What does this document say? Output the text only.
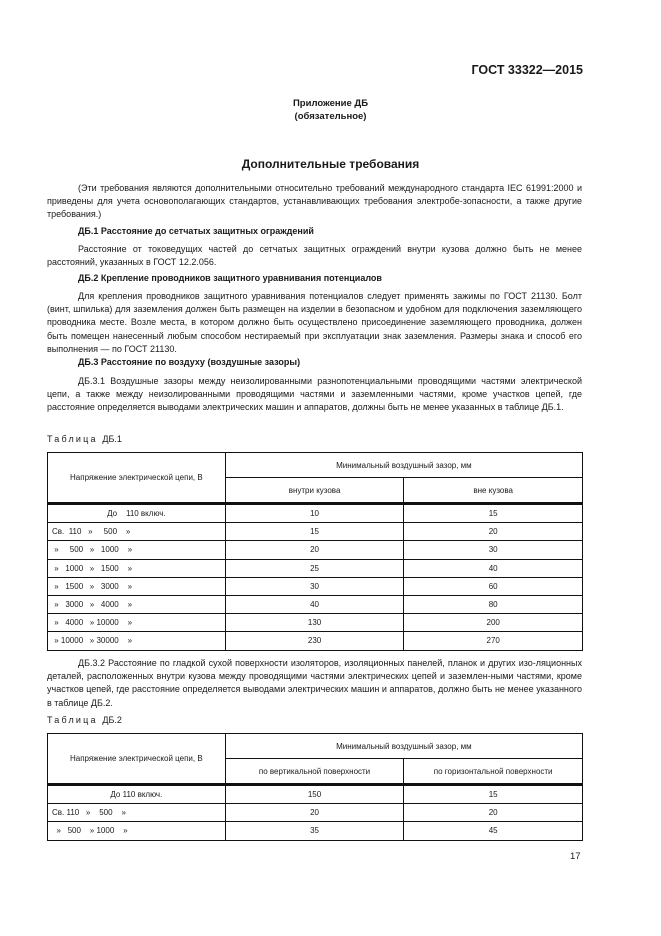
ГОСТ 33322—2015
Приложение ДБ
(обязательное)
Дополнительные требования
(Эти требования являются дополнительными относительно требований международного стандарта IEC 61991:2000 и приведены для учета основополагающих стандартов, устанавливающих требования электробе-зопасности, а также другие требования.)
ДБ.1 Расстояние до сетчатых защитных ограждений
Расстояние от токоведущих частей до сетчатых защитных ограждений внутри кузова должно быть не менее расстояний, указанных в ГОСТ 12.2.056.
ДБ.2 Крепление проводников защитного уравнивания потенциалов
Для крепления проводников защитного уравнивания потенциалов следует применять зажимы по ГОСТ 21130. Болт (винт, шпилька) для заземления должен быть размещен на изделии в безопасном и удобном для подключения заземляющего проводника месте. Возле места, в котором должно быть осуществлено присоединение заземляющего проводника, должен быть помещен нанесенный любым способом нестираемый при эксплуатации знак заземления. Размеры знака и способ его выполнения — по ГОСТ 21130.
ДБ.3 Расстояние по воздуху (воздушные зазоры)
ДБ.3.1 Воздушные зазоры между неизолированными разнопотенциальными проводящими частями электрической цепи, а также между неизолированными проводящими частями и заземленными частями, кроме участков цепей, где расстояние определяется выводами электрических машин и аппаратов, должны быть не менее указанных в таблице ДБ.1.
Таблица ДБ.1
Напряжение электрической цепи, В	Минимальный воздушный зазор, мм	
	внутри кузова	вне кузова
До    110 включ.	10	15
Св.  110   »     500    »	15	20
»     500   »   1000    »	20	30
»   1000   »   1500    »	25	40
»   1500   »   3000    »	30	60
»   3000   »   4000    »	40	80
»   4000   » 10000    »	130	200
» 10000   » 30000    »	230	270
ДБ.3.2 Расстояние по гладкой сухой поверхности изоляторов, изоляционных панелей, планок и других изо-ляционных деталей, расположенных внутри кузова между проводящими частями электрических цепей и заземлен-ными частями, кроме участков цепей, где расстояние определяется выводами электрических машин и аппаратов, должно быть не менее указанного в таблице ДБ.2.
Таблица ДБ.2
Напряжение электрической цепи, В	Минимальный воздушный зазор, мм	
	по вертикальной поверхности	по горизонтальной поверхности
До 110 включ.	150	15
Св. 110   »    500    »	20	20
»   500    » 1000    »	35	45
17
